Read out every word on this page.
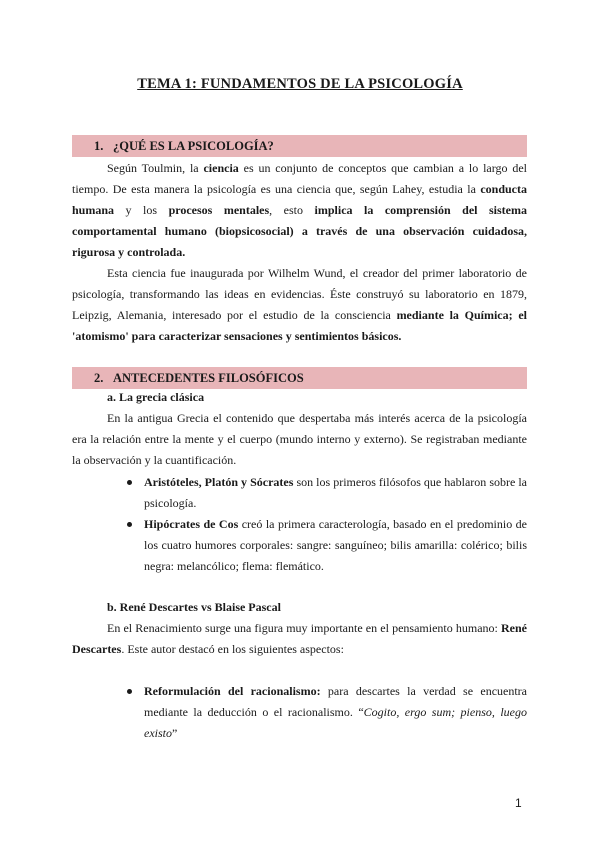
TEMA 1: FUNDAMENTOS DE LA PSICOLOGÍA
1. ¿QUÉ ES LA PSICOLOGÍA?

Según Toulmin, la ciencia es un conjunto de conceptos que cambian a lo largo del tiempo. De esta manera la psicología es una ciencia que, según Lahey, estudia la conducta humana y los procesos mentales, esto implica la comprensión del sistema comportamental humano (biopsicosocial) a través de una observación cuidadosa, rigurosa y controlada.

Esta ciencia fue inaugurada por Wilhelm Wund, el creador del primer laboratorio de psicología, transformando las ideas en evidencias. Éste construyó su laboratorio en 1879, Leipzig, Alemania, interesado por el estudio de la consciencia mediante la Química; el 'atomismo' para caracterizar sensaciones y sentimientos básicos.

2. ANTECEDENTES FILOSÓFICOS

a. La grecia clásica

En la antigua Grecia el contenido que despertaba más interés acerca de la psicología era la relación entre la mente y el cuerpo (mundo interno y externo). Se registraban mediante la observación y la cuantificación.

Aristóteles, Platón y Sócrates son los primeros filósofos que hablaron sobre la psicología.

Hipócrates de Cos creó la primera caracterología, basado en el predominio de los cuatro humores corporales: sangre: sanguíneo; bilis amarilla: colérico; bilis negra: melancólico; flema: flemático.

b. René Descartes vs Blaise Pascal

En el Renacimiento surge una figura muy importante en el pensamiento humano: René Descartes. Este autor destacó en los siguientes aspectos:

Reformulación del racionalismo: para descartes la verdad se encuentra mediante la deducción o el racionalismo. “Cogito, ergo sum; pienso, luego existo”

1
